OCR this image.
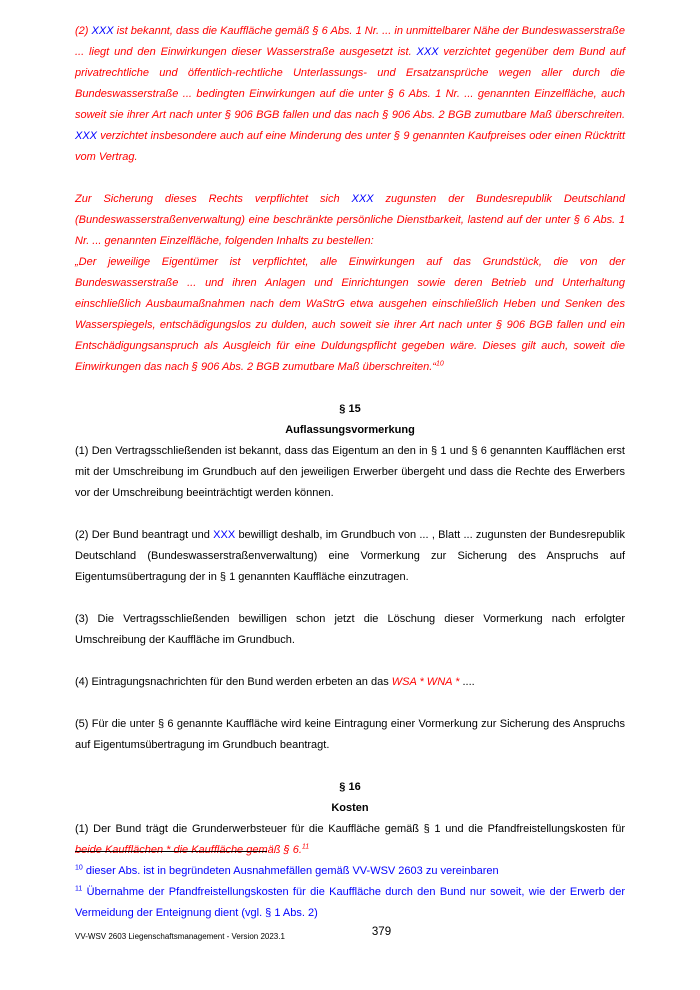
(2) XXX ist bekannt, dass die Kauffläche gemäß § 6 Abs. 1 Nr. ... in unmittelbarer Nähe der Bundeswasserstraße ... liegt und den Einwirkungen dieser Wasserstraße ausgesetzt ist. XXX verzichtet gegenüber dem Bund auf privatrechtliche und öffentlich-rechtliche Unterlassungs- und Ersatzansprüche wegen aller durch die Bundeswasserstraße ... bedingten Einwirkungen auf die unter § 6 Abs. 1 Nr. ... genannten Einzelfläche, auch soweit sie ihrer Art nach unter § 906 BGB fallen und das nach § 906 Abs. 2 BGB zumutbare Maß überschreiten. XXX verzichtet insbesondere auch auf eine Minderung des unter § 9 genannten Kaufpreises oder einen Rücktritt vom Vertrag.

Zur Sicherung dieses Rechts verpflichtet sich XXX zugunsten der Bundesrepublik Deutschland (Bundeswasserstraßenverwaltung) eine beschränkte persönliche Dienstbarkeit, lastend auf der unter § 6 Abs. 1 Nr. ... genannten Einzelfläche, folgenden Inhalts zu bestellen:

„Der jeweilige Eigentümer ist verpflichtet, alle Einwirkungen auf das Grundstück, die von der Bundeswasserstraße ... und ihren Anlagen und Einrichtungen sowie deren Betrieb und Unterhaltung einschließlich Ausbaumaßnahmen nach dem WaStrG etwa ausgehen einschließlich Heben und Senken des Wasserspiegels, entschädigungslos zu dulden, auch soweit sie ihrer Art nach unter § 906 BGB fallen und ein Entschädigungsanspruch als Ausgleich für eine Duldungspflicht gegeben wäre. Dieses gilt auch, soweit die Einwirkungen das nach § 906 Abs. 2 BGB zumutbare Maß überschreiten.“$^{10}$

§ 15
Auflassungsvormerkung

(1) Den Vertragsschließenden ist bekannt, dass das Eigentum an den in § 1 und § 6 genannten Kaufflächen erst mit der Umschreibung im Grundbuch auf den jeweiligen Erwerber übergeht und dass die Rechte des Erwerbers vor der Umschreibung beeinträchtigt werden können.

(2) Der Bund beantragt und XXX bewilligt deshalb, im Grundbuch von ... , Blatt ... zugunsten der Bundesrepublik Deutschland (Bundeswasserstraßenverwaltung) eine Vormerkung zur Sicherung des Anspruchs auf Eigentumsübertragung der in § 1 genannten Kauffläche einzutragen.

(3) Die Vertragsschließenden bewilligen schon jetzt die Löschung dieser Vormerkung nach erfolgter Umschreibung der Kauffläche im Grundbuch.

(4) Eintragungsnachrichten für den Bund werden erbeten an das WSA * WNA * ....

(5) Für die unter § 6 genannte Kauffläche wird keine Eintragung einer Vormerkung zur Sicherung des Anspruchs auf Eigentumsübertragung im Grundbuch beantragt.

§ 16
Kosten

(1) Der Bund trägt die Grunderwerbsteuer für die Kauffläche gemäß § 1 und die Pfandfreistellungskosten für beide Kaufflächen * die Kauffläche gemäß § 6.11

$^{10}$ dieser Abs. ist in begründeten Ausnahmefällen gemäß VV-WSV 2603 zu vereinbaren

$^{11}$ Übernahme der Pfandfreistellungskosten für die Kauffläche durch den Bund nur soweit, wie der Erwerb der Vermeidung der Enteignung dient (vgl. § 1 Abs. 2)

VV-WSV 2603 Liegenschaftsmanagement - Version 2023.1	379
